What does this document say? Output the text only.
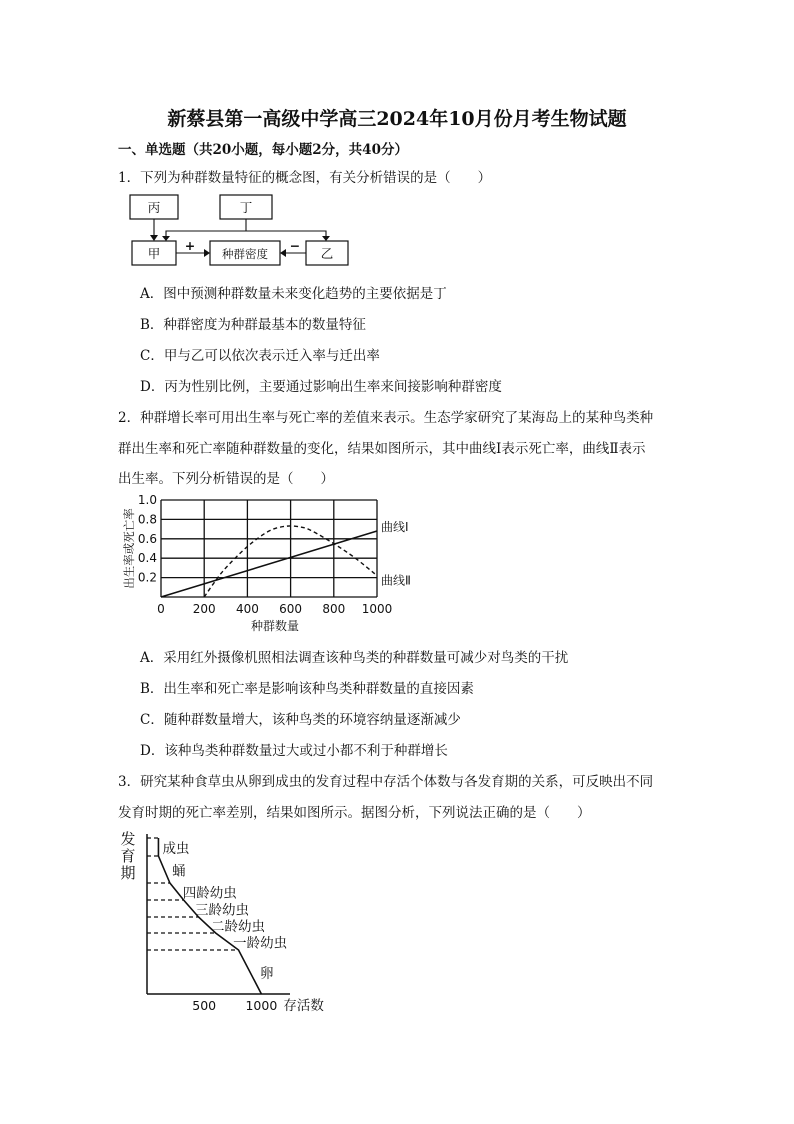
新蔡县第一高级中学高三2024年10月份月考生物试题
一、单选题（共20小题，每小题2分，共40分）
1．下列为种群数量特征的概念图，有关分析错误的是（　　）
丙	丁
甲	种群密度	乙
+	−
A．图中预测种群数量未来变化趋势的主要依据是丁
B．种群密度为种群最基本的数量特征
C．甲与乙可以依次表示迁入率与迁出率
D．丙为性别比例，主要通过影响出生率来间接影响种群密度
2．种群增长率可用出生率与死亡率的差值来表示。生态学家研究了某海岛上的某种鸟类种
群出生率和死亡率随种群数量的变化，结果如图所示，其中曲线Ⅰ表示死亡率，曲线Ⅱ表示
出生率。下列分析错误的是（　　）
0.2
0.4
0.6
0.8
1.0
0 200 400 600 800 1000
种群数量
出生率或死亡率	曲线Ⅰ
曲线Ⅱ
A．采用红外摄像机照相法调查该种鸟类的种群数量可减少对鸟类的干扰
B．出生率和死亡率是影响该种鸟类种群数量的直接因素
C．随种群数量增大，该种鸟类的环境容纳量逐渐减少
D．该种鸟类种群数量过大或过小都不利于种群增长
3．研究某种食草虫从卵到成虫的发育过程中存活个体数与各发育期的关系，可反映出不同
发育时期的死亡率差别，结果如图所示。据图分析，下列说法正确的是（　　）
发
育
期
卵
一龄幼虫
二龄幼虫
三龄幼虫
四龄幼虫
蛹
成虫
500 1000 存活数
